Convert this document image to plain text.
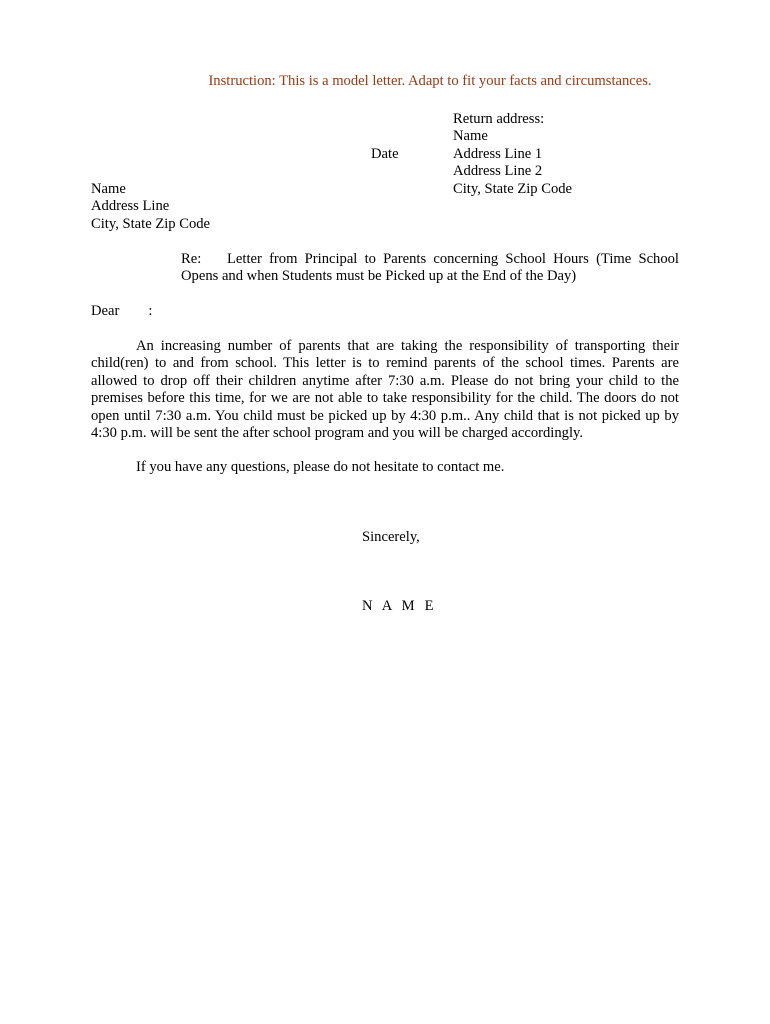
Instruction: This is a model letter. Adapt to fit your facts and circumstances.

Return address:
Name
Address Line 1
Address Line 2
City, State Zip Code
Date
Name
Address Line
City, State Zip Code
Re: Letter from Principal to Parents concerning School Hours (Time School
Opens and when Students must be Picked up at the End of the Day)
Dear :
An increasing number of parents that are taking the responsibility of transporting their
child(ren) to and from school. This letter is to remind parents of the school times. Parents are
allowed to drop off their children anytime after 7:30 a.m. Please do not bring your child to the
premises before this time, for we are not able to take responsibility for the child. The doors do not
open until 7:30 a.m. You child must be picked up by 4:30 p.m.. Any child that is not picked up by
4:30 p.m. will be sent the after school program and you will be charged accordingly.
If you have any questions, please do not hesitate to contact me.
Sincerely,
N A M E
